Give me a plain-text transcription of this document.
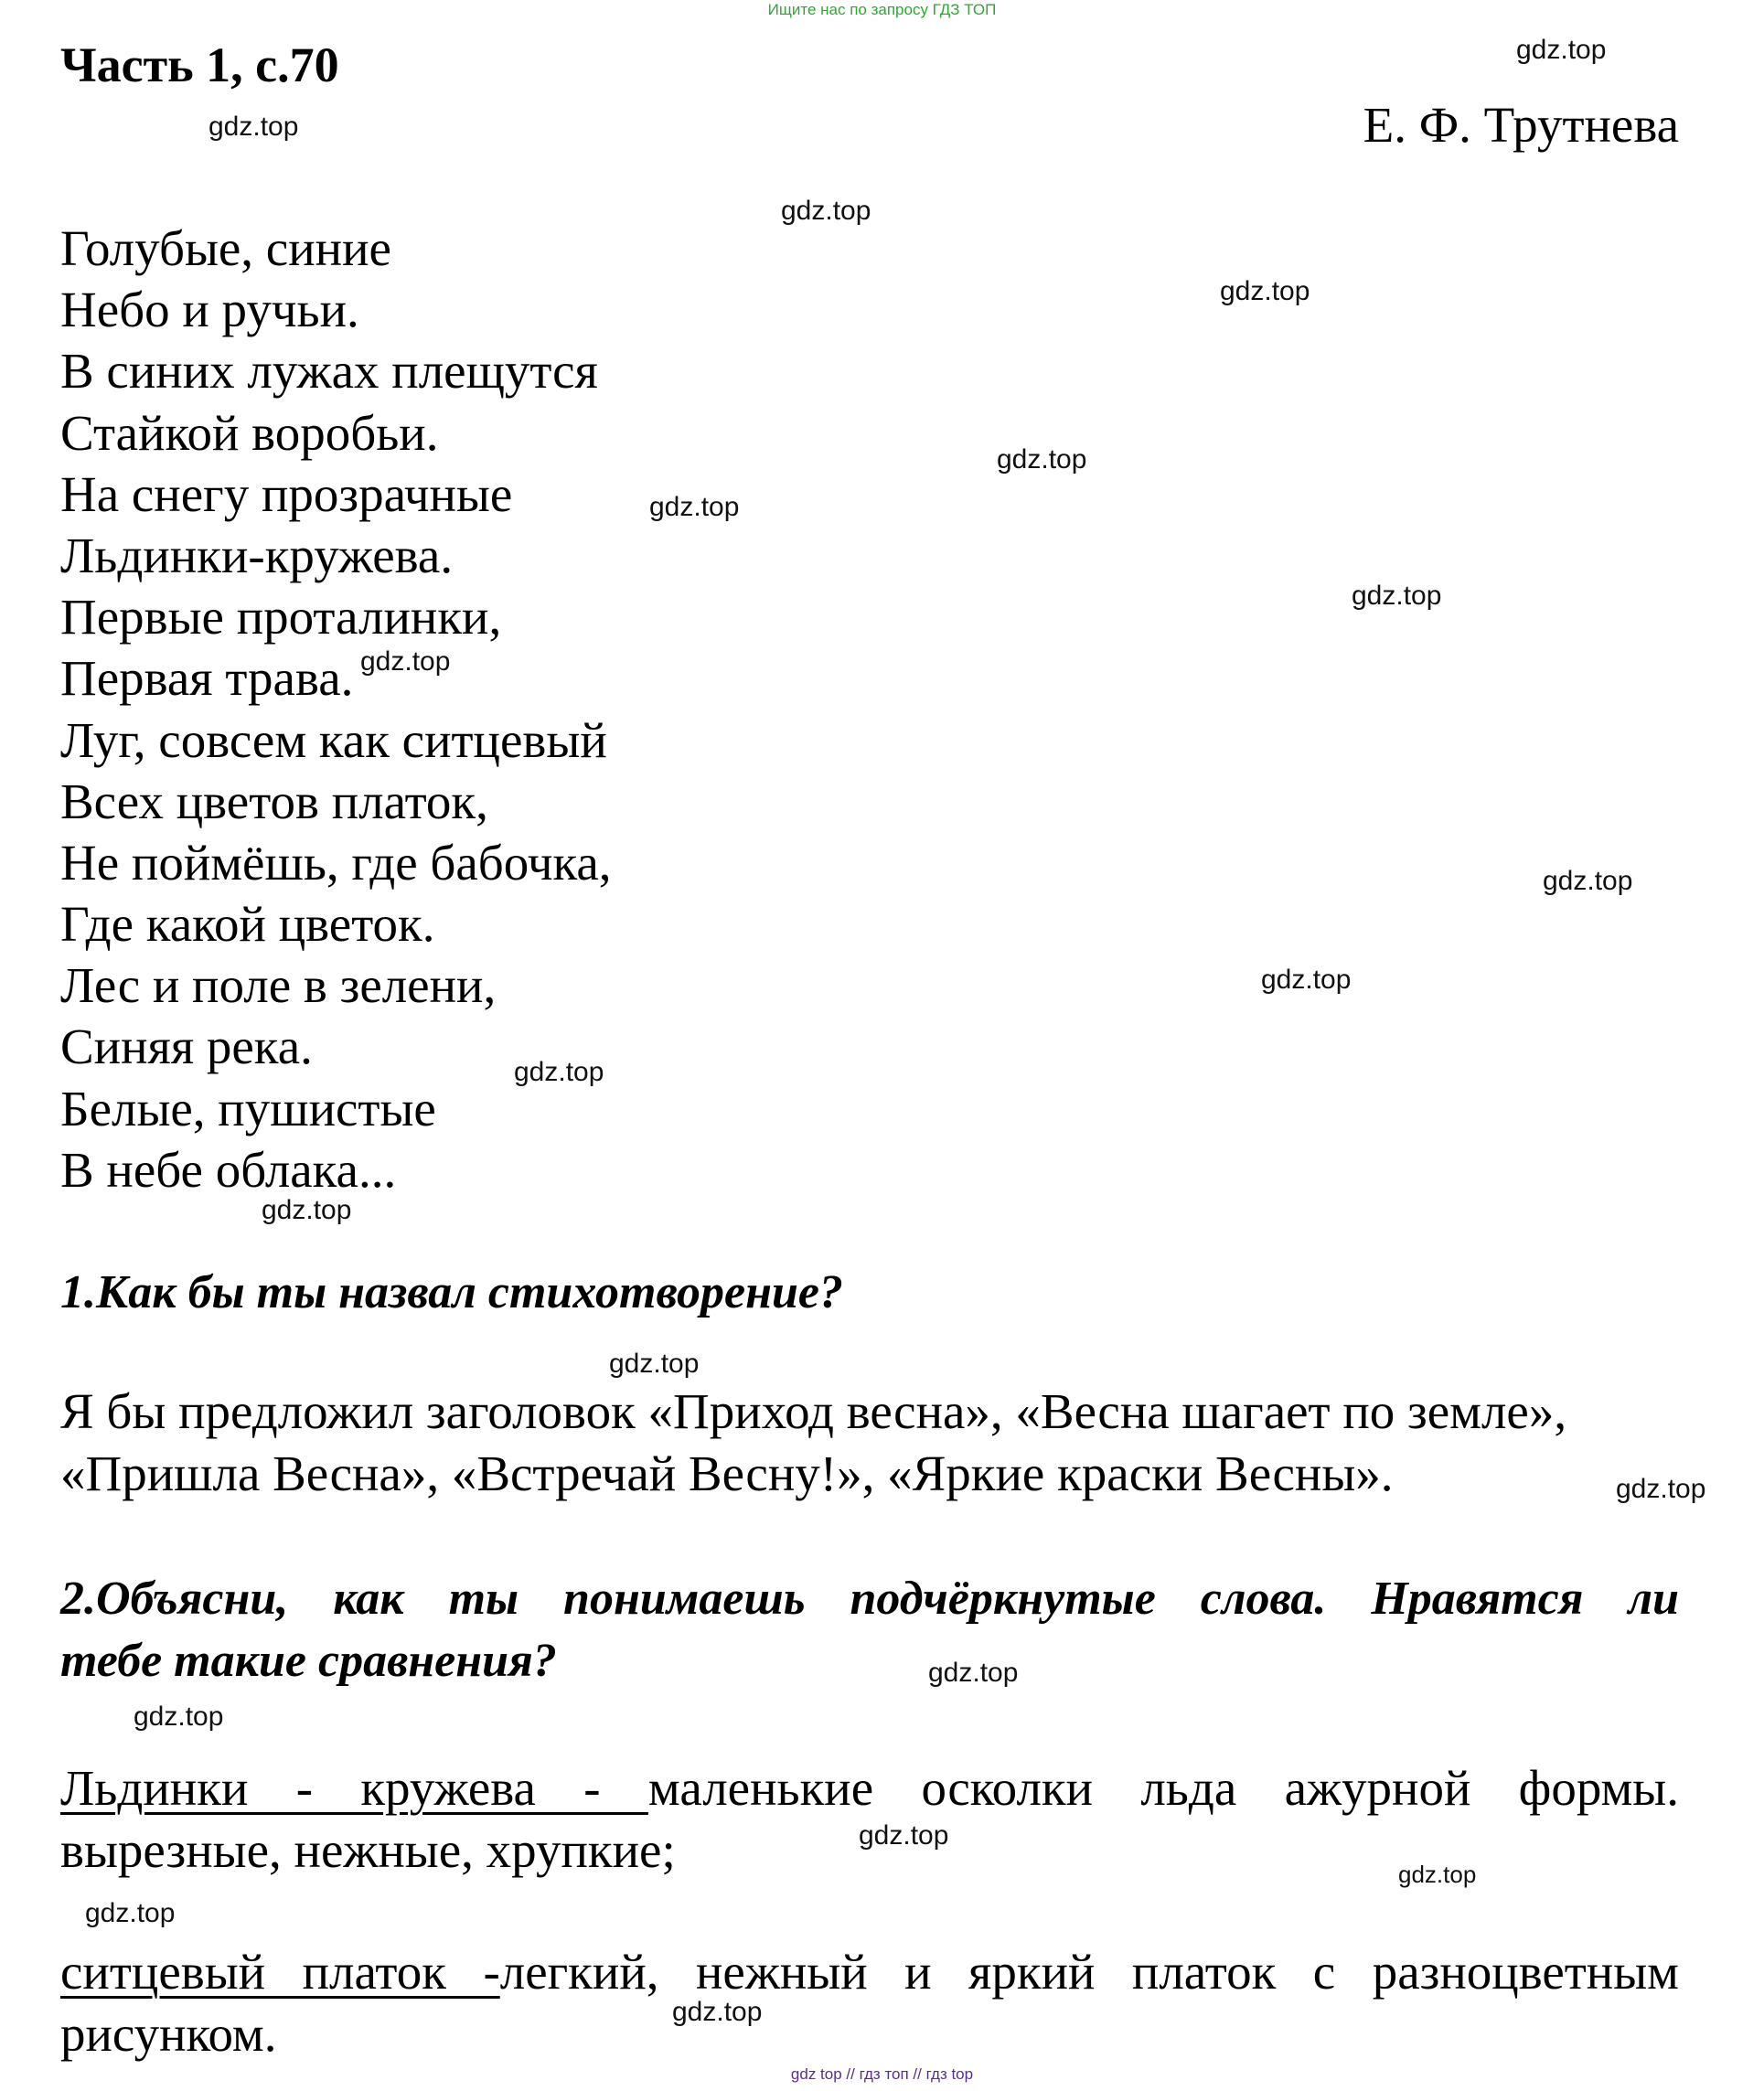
Ищите нас по запросу ГДЗ ТОП
Часть 1, с.70
Е. Ф. Трутнева
Голубые, синие
Небо и ручьи.
В синих лужах плещутся
Стайкой воробьи.
На снегу прозрачные
Льдинки-кружева.
Первые проталинки,
Первая трава.
Луг, совсем как ситцевый
Всех цветов платок,
Не поймёшь, где бабочка,
Где какой цветок.
Лес и поле в зелени,
Синяя река.
Белые, пушистые
В небе облака...
1.Как бы ты назвал стихотворение?
Я бы предложил заголовок «Приход весна», «Весна шагает по земле»,
«Пришла Весна», «Встречай Весну!», «Яркие краски Весны».
2.Объясни, как ты понимаешь подчёркнутые слова. Нравятся ли
тебе такие сравнения?
Льдинки - кружева - маленькие осколки льда ажурной формы.
вырезные, нежные, хрупкие;
ситцевый платок -легкий, нежный и яркий платок с разноцветным
рисунком.
gdz.top
gdz.top
gdz.top
gdz.top
gdz.top
gdz.top
gdz.top
gdz.top
gdz.top
gdz.top
gdz.top
gdz.top
gdz.top
gdz.top
gdz.top
gdz.top
gdz.top
gdz.top
gdz.top
gdz.top
gdz top // гдз топ // гдз top
